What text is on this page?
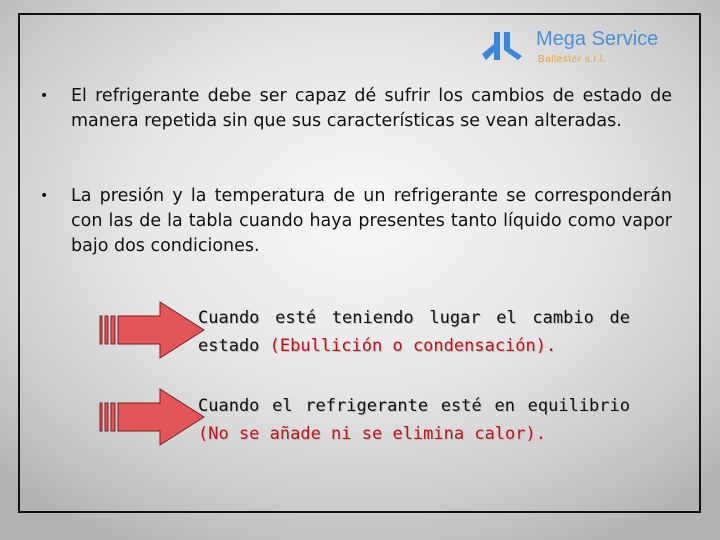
Mega Service
Ballester s.r.l.
• El refrigerante debe ser capaz dé sufrir los cambios de estado de manera repetida sin que sus características se vean alteradas.
• La presión y la temperatura de un refrigerante se corresponderán con las de la tabla cuando haya presentes tanto líquido como vapor bajo dos condiciones.
Cuando esté teniendo lugar el cambio de estado (Ebullición o condensación).
Cuando el refrigerante esté en equilibrio (No se añade ni se elimina calor).
